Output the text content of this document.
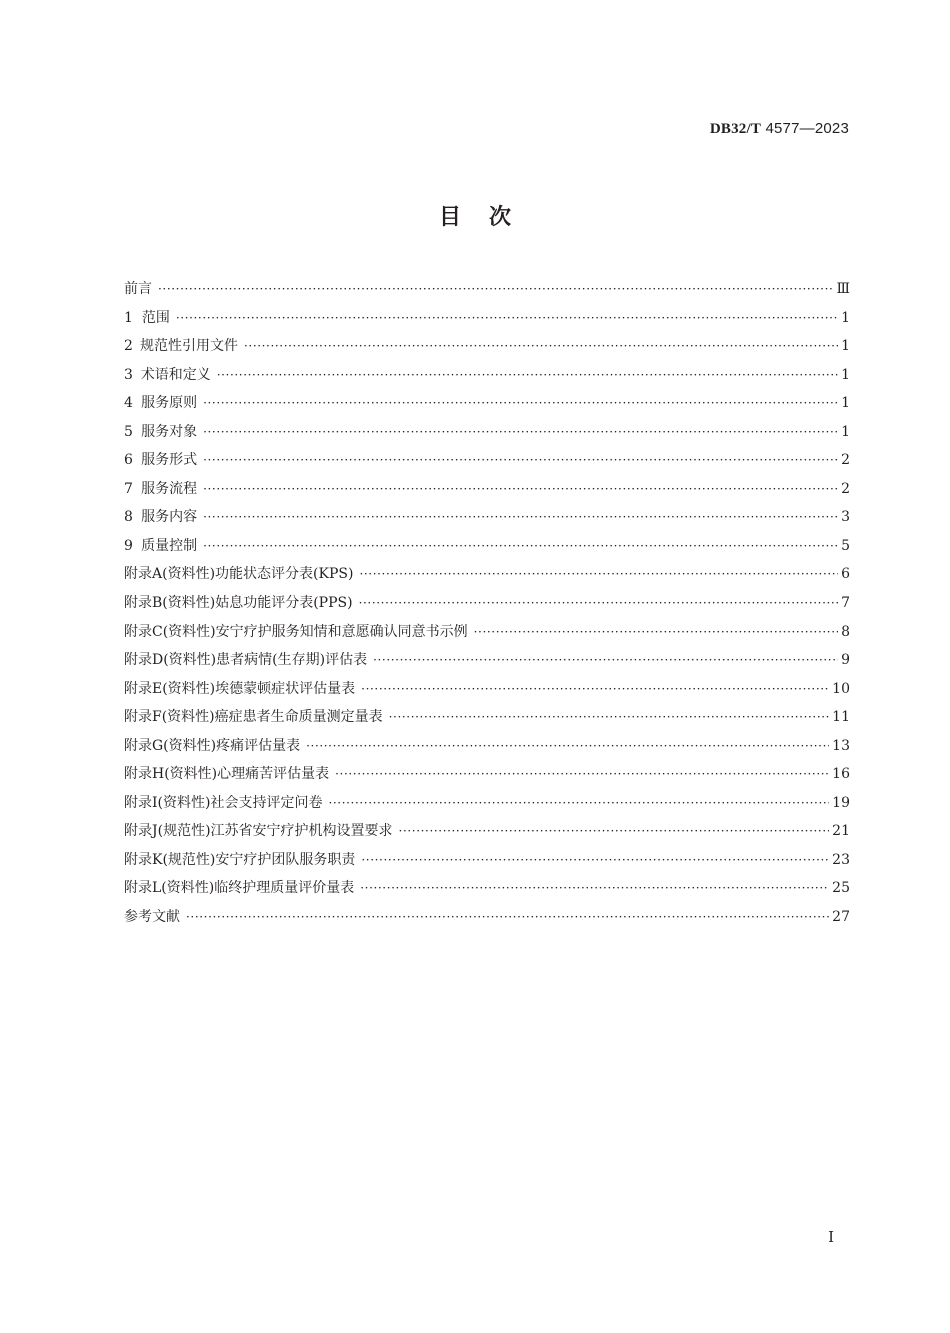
DB32/T 4577—2023
目 次
前言 ·····	Ⅲ
1 范围 ·····	1
2 规范性引用文件 ·····	1
3 术语和定义 ·····	1
4 服务原则 ·····	1
5 服务对象 ·····	1
6 服务形式 ·····	2
7 服务流程 ·····	2
8 服务内容 ·····	3
9 质量控制 ·····	5
附录A(资料性) 功能状态评分表(KPS) ·····	6
附录B(资料性) 姑息功能评分表(PPS) ·····	7
附录C(资料性) 安宁疗护服务知情和意愿确认同意书示例 ·····	8
附录D(资料性) 患者病情(生存期)评估表 ·····	9
附录E(资料性) 埃德蒙顿症状评估量表 ·····	10
附录F(资料性) 癌症患者生命质量测定量表 ·····	11
附录G(资料性) 疼痛评估量表 ·····	13
附录H(资料性) 心理痛苦评估量表 ·····	16
附录I(资料性) 社会支持评定问卷 ·····	19
附录J(规范性) 江苏省安宁疗护机构设置要求 ·····	21
附录K(规范性) 安宁疗护团队服务职责 ·····	23
附录L(资料性) 临终护理质量评价量表 ·····	25
参考文献 ·····	27
I
